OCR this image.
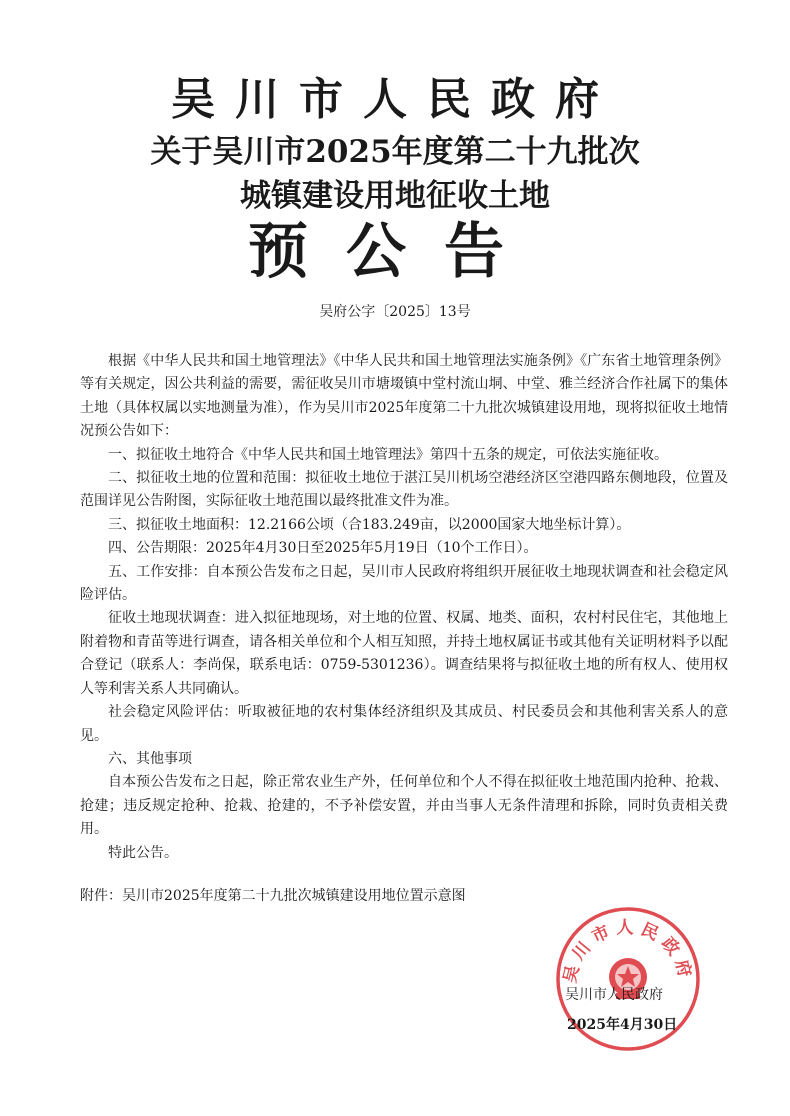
吴川市人民政府
关于吴川市2025年度第二十九批次
城镇建设用地征收土地
预公告
吴府公字〔2025〕13号

根据《中华人民共和国土地管理法》《中华人民共和国土地管理法实施条例》《广东省土地管理条例》等有关规定，因公共利益的需要，需征收吴川市塘㙍镇中堂村流山垌、中堂、雅兰经济合作社属下的集体土地（具体权属以实地测量为准），作为吴川市2025年度第二十九批次城镇建设用地，现将拟征收土地情况预公告如下：

一、拟征收土地符合《中华人民共和国土地管理法》第四十五条的规定，可依法实施征收。

二、拟征收土地的位置和范围：拟征收土地位于湛江吴川机场空港经济区空港四路东侧地段，位置及范围详见公告附图，实际征收土地范围以最终批准文件为准。

三、拟征收土地面积：12.2166公顷（合183.249亩，以2000国家大地坐标计算）。

四、公告期限：2025年4月30日至2025年5月19日（10个工作日）。

五、工作安排：自本预公告发布之日起，吴川市人民政府将组织开展征收土地现状调查和社会稳定风险评估。

征收土地现状调查：进入拟征地现场，对土地的位置、权属、地类、面积，农村村民住宅，其他地上附着物和青苗等进行调查，请各相关单位和个人相互知照，并持土地权属证书或其他有关证明材料予以配合登记（联系人：李尚保，联系电话：0759-5301236）。调查结果将与拟征收土地的所有权人、使用权人等利害关系人共同确认。

社会稳定风险评估：听取被征地的农村集体经济组织及其成员、村民委员会和其他利害关系人的意见。

六、其他事项

自本预公告发布之日起，除正常农业生产外，任何单位和个人不得在拟征收土地范围内抢种、抢栽、抢建；违反规定抢种、抢栽、抢建的，不予补偿安置，并由当事人无条件清理和拆除，同时负责相关费用。

特此公告。

附件：吴川市2025年度第二十九批次城镇建设用地位置示意图
吴川市人民政府
吴川市人民政府
2025年4月30日
